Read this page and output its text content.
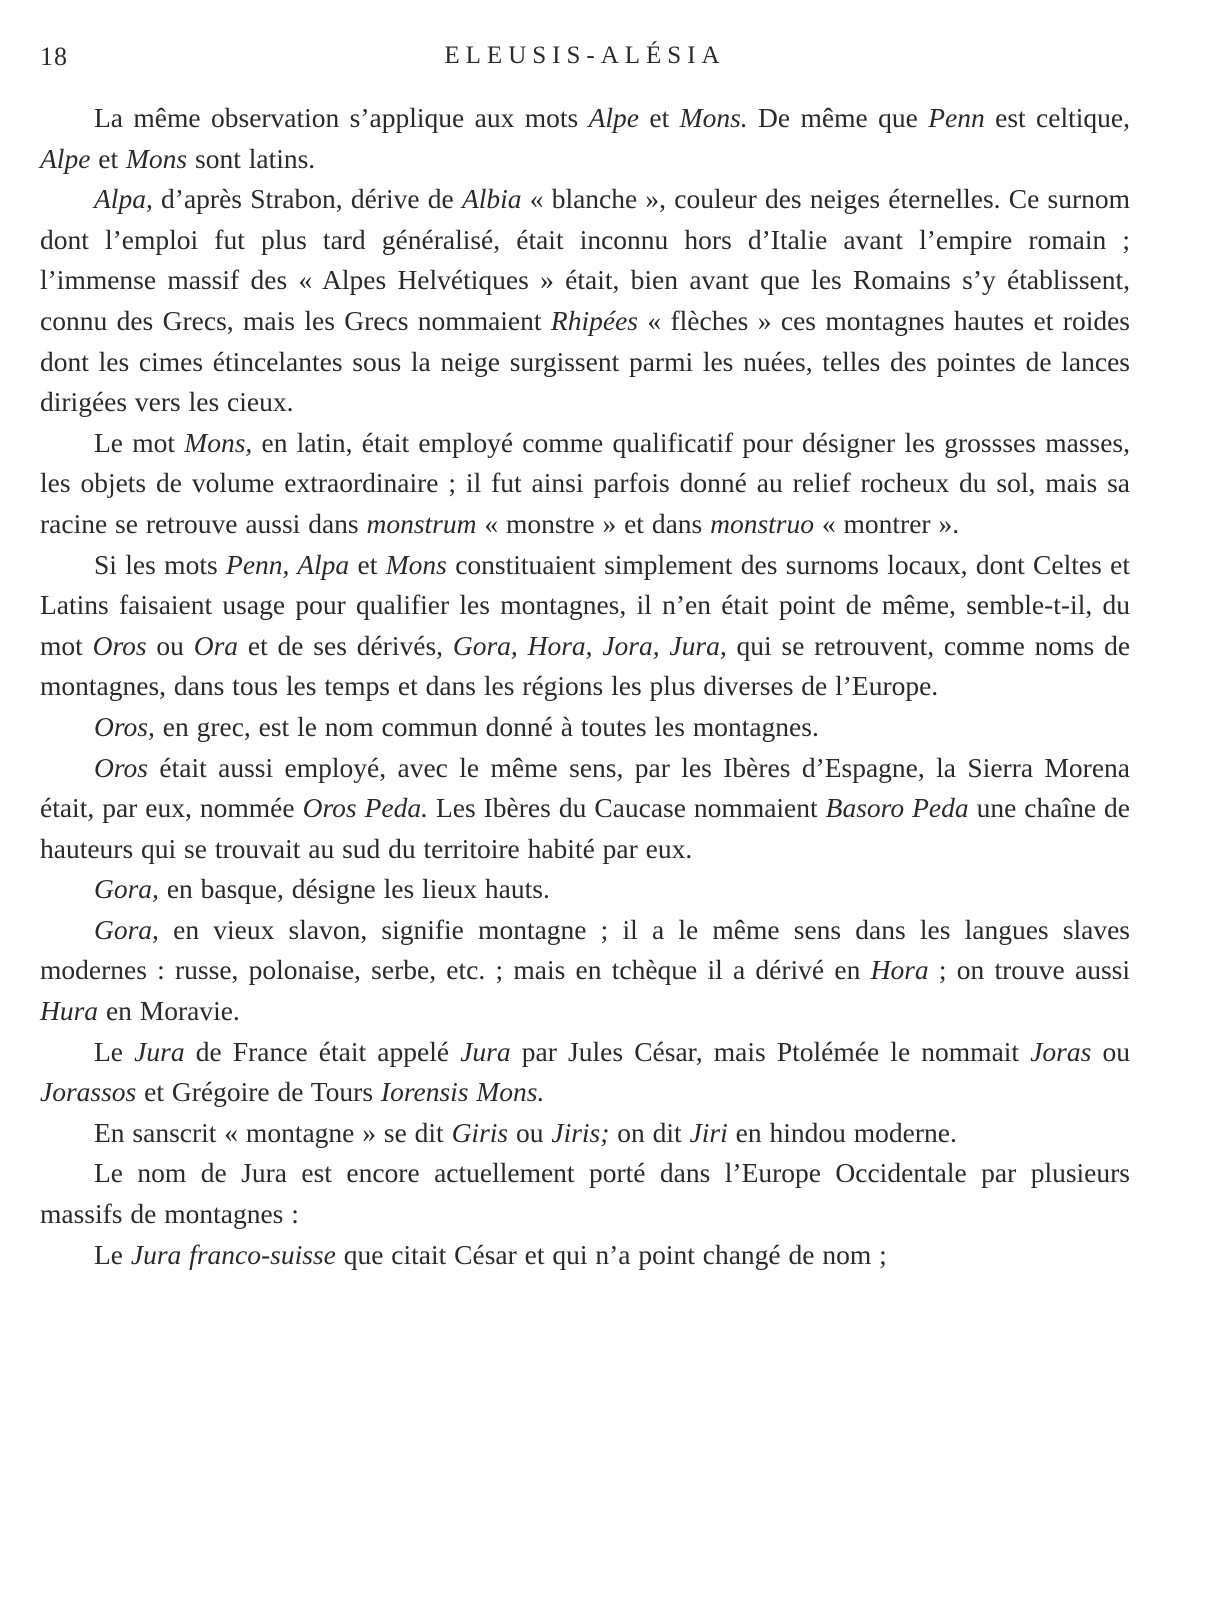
18	ELEUSIS-ALÉSIA

La même observation s’applique aux mots Alpe et Mons. De même que Penn est celtique, Alpe et Mons sont latins.

Alpa, d’après Strabon, dérive de Albia « blanche », couleur des neiges éternelles. Ce surnom dont l’emploi fut plus tard généralisé, était inconnu hors d’Italie avant l’empire romain ; l’immense massif des « Alpes Helvétiques » était, bien avant que les Romains s’y établissent, connu des Grecs, mais les Grecs nommaient Rhipées « flèches » ces montagnes hautes et roides dont les cimes étincelantes sous la neige surgissent parmi les nuées, telles des pointes de lances dirigées vers les cieux.

Le mot Mons, en latin, était employé comme qualificatif pour désigner les grossses masses, les objets de volume extraordinaire ; il fut ainsi parfois donné au relief rocheux du sol, mais sa racine se retrouve aussi dans monstrum « monstre » et dans monstruo « montrer ».

Si les mots Penn, Alpa et Mons constituaient simplement des surnoms locaux, dont Celtes et Latins faisaient usage pour qualifier les montagnes, il n’en était point de même, semble-t-il, du mot Oros ou Ora et de ses dérivés, Gora, Hora, Jora, Jura, qui se retrouvent, comme noms de montagnes, dans tous les temps et dans les régions les plus diverses de l’Europe.

Oros, en grec, est le nom commun donné à toutes les montagnes.

Oros était aussi employé, avec le même sens, par les Ibères d’Espagne, la Sierra Morena était, par eux, nommée Oros Peda. Les Ibères du Caucase nommaient Basoro Peda une chaîne de hauteurs qui se trouvait au sud du territoire habité par eux.

Gora, en basque, désigne les lieux hauts.

Gora, en vieux slavon, signifie montagne ; il a le même sens dans les langues slaves modernes : russe, polonaise, serbe, etc. ; mais en tchèque il a dérivé en Hora ; on trouve aussi Hura en Moravie.

Le Jura de France était appelé Jura par Jules César, mais Ptolémée le nommait Joras ou Jorassos et Grégoire de Tours Iorensis Mons.

En sanscrit « montagne » se dit Giris ou Jiris; on dit Jiri en hindou moderne.

Le nom de Jura est encore actuellement porté dans l’Europe Occidentale par plusieurs massifs de montagnes :

Le Jura franco-suisse que citait César et qui n’a point changé de nom ;
